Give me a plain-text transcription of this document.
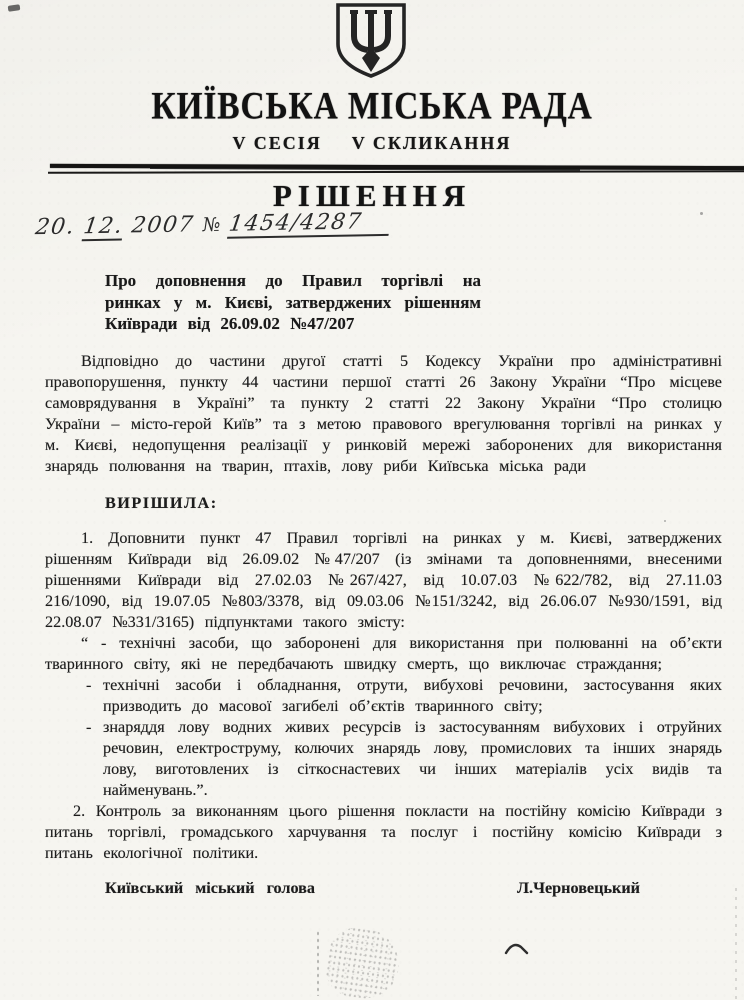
КИЇВСЬКА МІСЬКА РАДА
V СЕСІЯ V СКЛИКАННЯ
РІШЕННЯ
20. 12. 2007 № 1454/4287
Про доповнення до Правил торгівлі на ринках у м. Києві, затверджених рішенням Київради від 26.09.02 №47/207

Відповідно до частини другої статті 5 Кодексу України про адміністративні правопорушення, пункту 44 частини першої статті 26 Закону України “Про місцеве самоврядування в Україні” та пункту 2 статті 22 Закону України “Про столицю України – місто-герой Київ” та з метою правового врегулювання торгівлі на ринках у м. Києві, недопущення реалізації у ринковій мережі заборонених для використання знарядь полювання на тварин, птахів, лову риби Київська міська ради

ВИРІШИЛА:

1. Доповнити пункт 47 Правил торгівлі на ринках у м. Києві, затверджених рішенням Київради від 26.09.02 №47/207 (із змінами та доповненнями, внесеними рішеннями Київради від 27.02.03 №267/427, від 10.07.03 №622/782, від 27.11.03 216/1090, від 19.07.05 №803/3378, від 09.03.06 №151/3242, від 26.06.07 №930/1591, від 22.08.07 №331/3165) підпунктами такого змісту:

“ - технічні засоби, що заборонені для використання при полюванні на об’єкти тваринного світу, які не передбачають швидку смерть, що виключає страждання;

- технічні засоби і обладнання, отрути, вибухові речовини, застосування яких призводить до масової загибелі об’єктів тваринного світу;

- знаряддя лову водних живих ресурсів із застосуванням вибухових і отруйних речовин, електроструму, колючих знарядь лову, промислових та інших знарядь лову, виготовлених із сіткоснастевих чи інших матеріалів усіх видів та найменувань.”.

2. Контроль за виконанням цього рішення покласти на постійну комісію Київради з питань торгівлі, громадського харчування та послуг і постійну комісію Київради з питань екологічної політики.

Київський міський голова	Л.Черновецький
